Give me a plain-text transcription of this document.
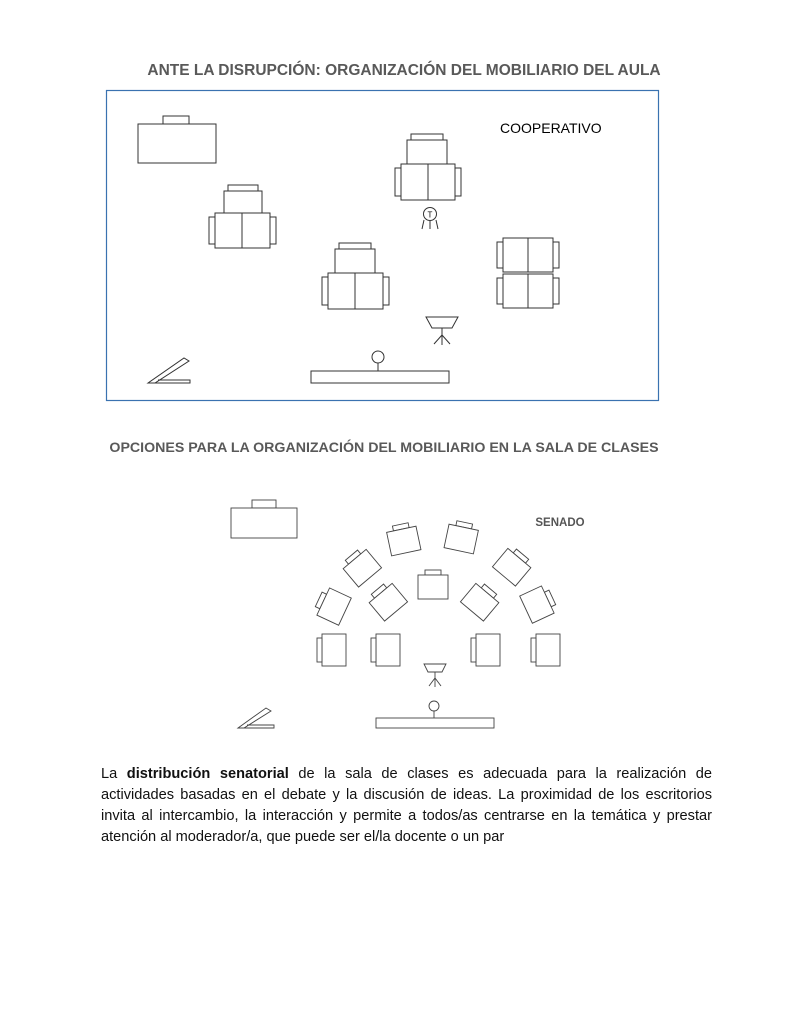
ANTE LA DISRUPCIÓN: ORGANIZACIÓN DEL MOBILIARIO DEL AULA
COOPERATIVO
T
OPCIONES PARA LA ORGANIZACIÓN DEL MOBILIARIO EN LA SALA DE CLASES
SENADO
La distribución senatorial de la sala de clases es adecuada para la realización de actividades basadas en el debate y la discusión de ideas. La proximidad de los escritorios invita al intercambio, la interacción y permite a todos/as centrarse en la temática y prestar atención al moderador/a, que puede ser el/la docente o un par
